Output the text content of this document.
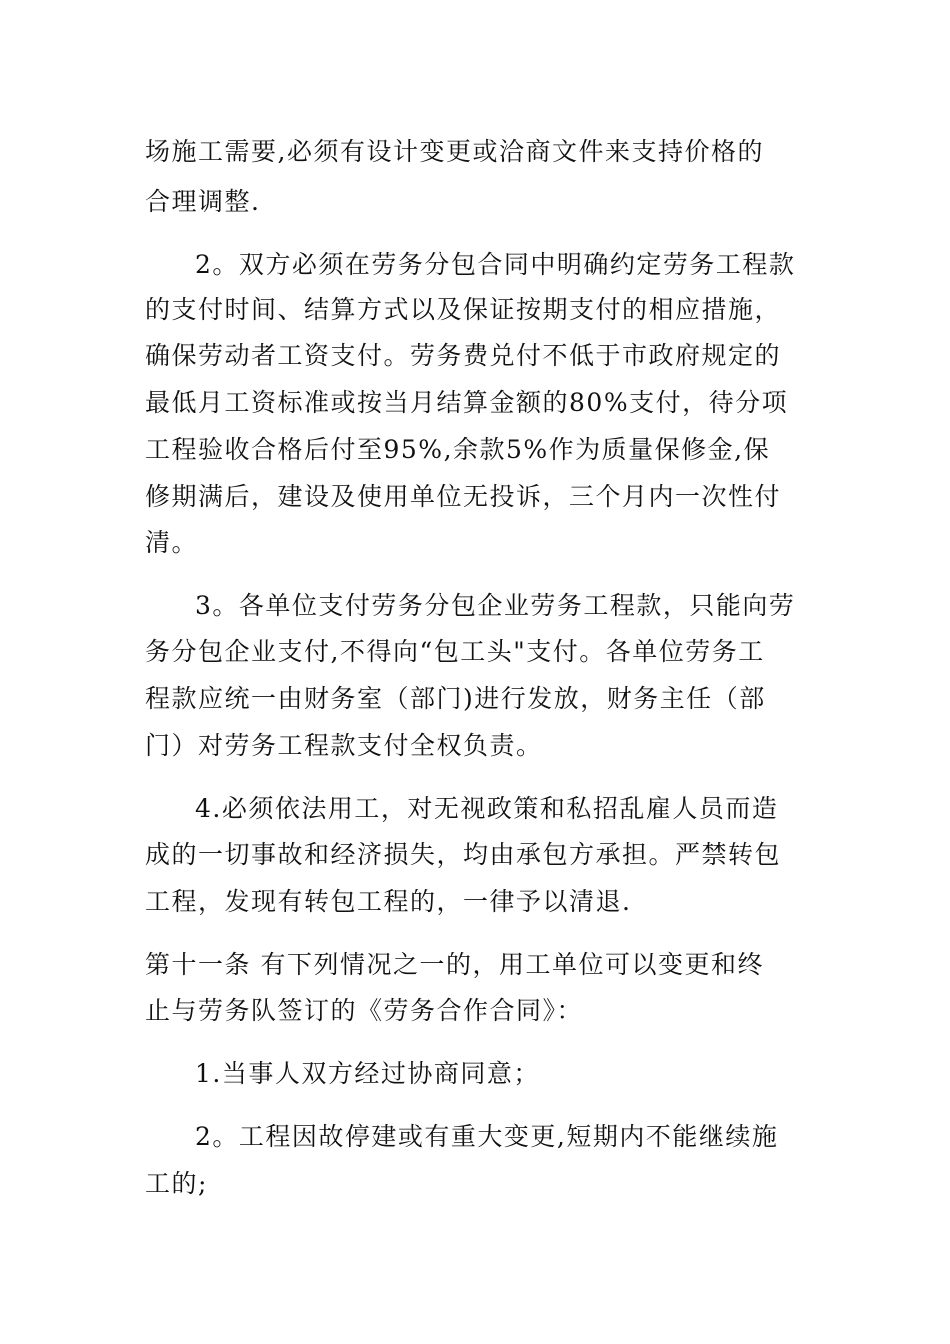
场施工需要,必须有设计变更或洽商文件来支持价格的
合理调整.
2。双方必须在劳务分包合同中明确约定劳务工程款
的支付时间、结算方式以及保证按期支付的相应措施，
确保劳动者工资支付。劳务费兑付不低于市政府规定的
最低月工资标准或按当月结算金额的80%支付，待分项
工程验收合格后付至95%,余款5%作为质量保修金,保
修期满后，建设及使用单位无投诉，三个月内一次性付
清。
3。各单位支付劳务分包企业劳务工程款，只能向劳
务分包企业支付,不得向“包工头"支付。各单位劳务工
程款应统一由财务室（部门)进行发放，财务主任（部
门）对劳务工程款支付全权负责。
4.必须依法用工，对无视政策和私招乱雇人员而造
成的一切事故和经济损失，均由承包方承担。严禁转包
工程，发现有转包工程的，一律予以清退.
第十一条 有下列情况之一的，用工单位可以变更和终
止与劳务队签订的《劳务合作合同》：
1.当事人双方经过协商同意；
2。工程因故停建或有重大变更,短期内不能继续施
工的;
